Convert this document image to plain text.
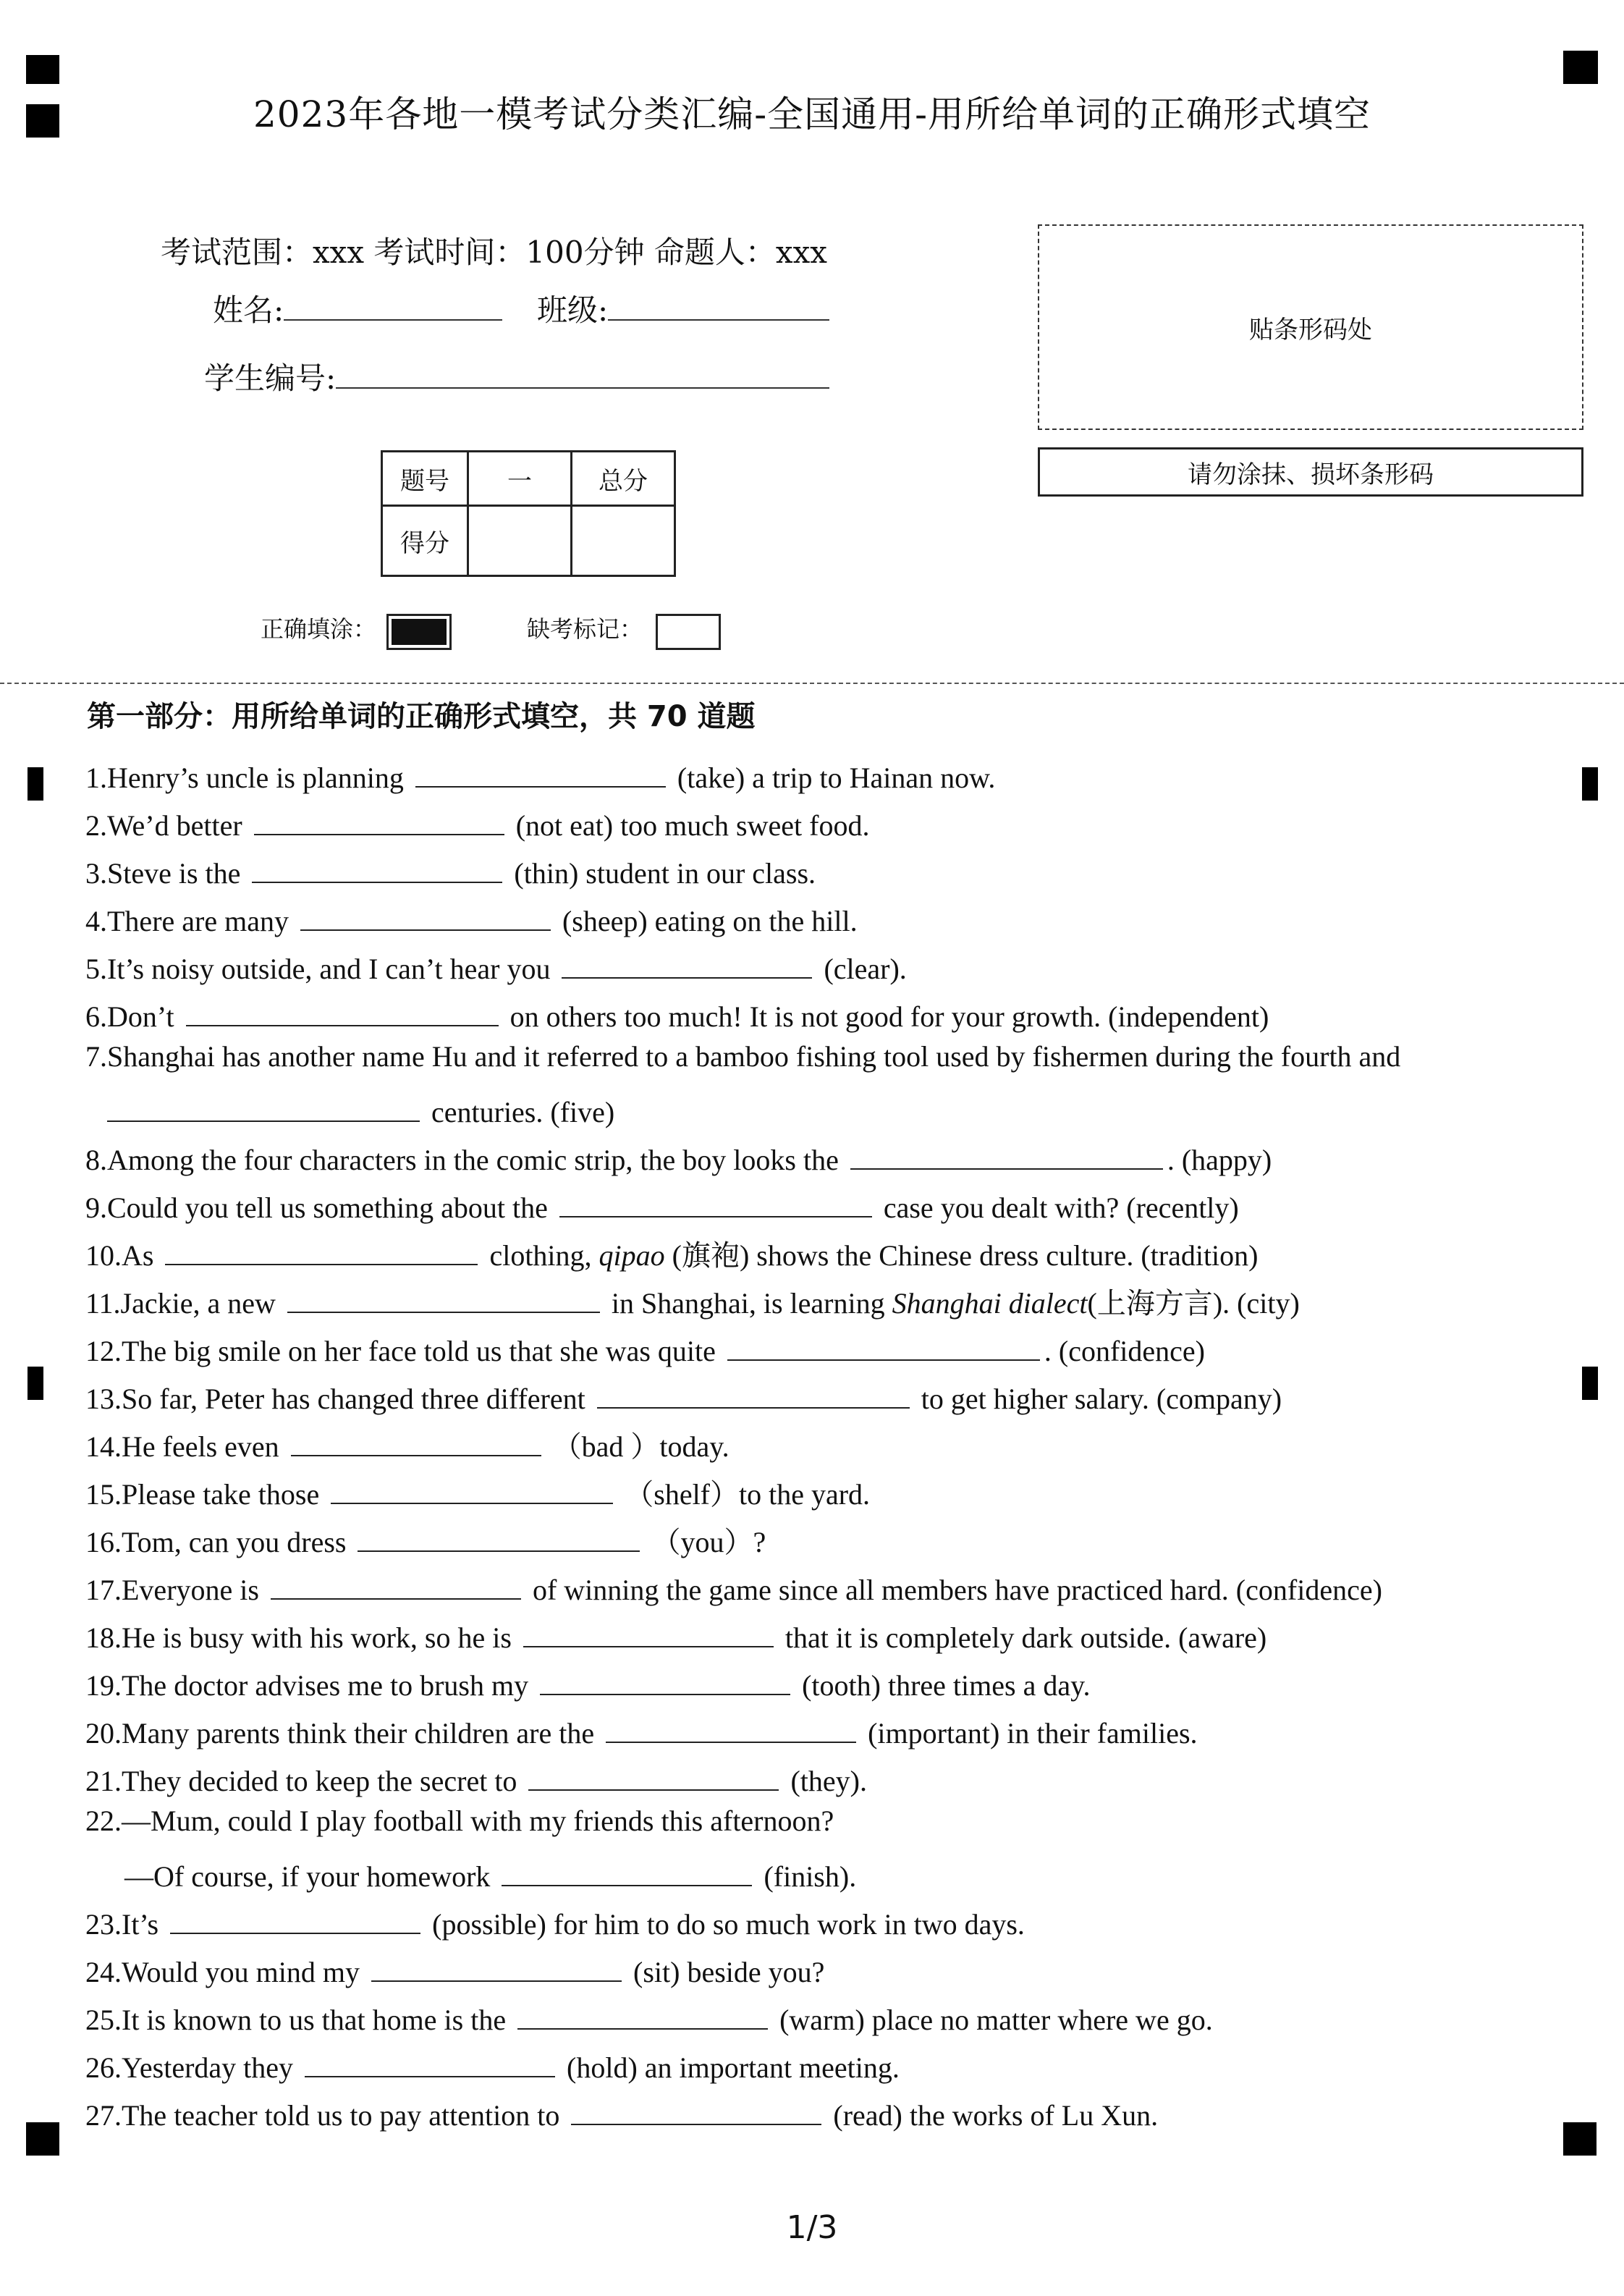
2023年各地一模考试分类汇编-全国通用-用所给单词的正确形式填空
考试范围：xxx 考试时间：100分钟 命题人：xxx
姓名:	班级:
学生编号:
贴条形码处
请勿涂抹、损坏条形码
题号	一	总分
得分		
正确填涂：	缺考标记：
第一部分：用所给单词的正确形式填空，共 70 道题
1.Henry’s uncle is planning	(take) a trip to Hainan now.
2.We’d better	(not eat) too much sweet food.
3.Steve is the	(thin) student in our class.
4.There are many	(sheep) eating on the hill.
5.It’s noisy outside, and I can’t hear you	(clear).
6.Don’t	on others too much! It is not good for your growth. (independent)
7.Shanghai has another name Hu and it referred to a bamboo fishing tool used by fishermen during the fourth and
centuries. (five)
8.Among the four characters in the comic strip, the boy looks the	. (happy)
9.Could you tell us something about the	case you dealt with? (recently)
10.As	clothing, qipao (旗袍) shows the Chinese dress culture. (tradition)
11.Jackie, a new	in Shanghai, is learning Shanghai dialect(上海方言). (city)
12.The big smile on her face told us that she was quite	. (confidence)
13.So far, Peter has changed three different	to get higher salary. (company)
14.He feels even	（bad ）today.
15.Please take those	（shelf）to the yard.
16.Tom, can you dress	（you）?
17.Everyone is	of winning the game since all members have practiced hard. (confidence)
18.He is busy with his work, so he is	that it is completely dark outside. (aware)
19.The doctor advises me to brush my	(tooth) three times a day.
20.Many parents think their children are the	(important) in their families.
21.They decided to keep the secret to	(they).
22.—Mum, could I play football with my friends this afternoon?
—Of course, if your homework	(finish).
23.It’s	(possible) for him to do so much work in two days.
24.Would you mind my	(sit) beside you?
25.It is known to us that home is the	(warm) place no matter where we go.
26.Yesterday they	(hold) an important meeting.
27.The teacher told us to pay attention to	(read) the works of Lu Xun.
1/3
